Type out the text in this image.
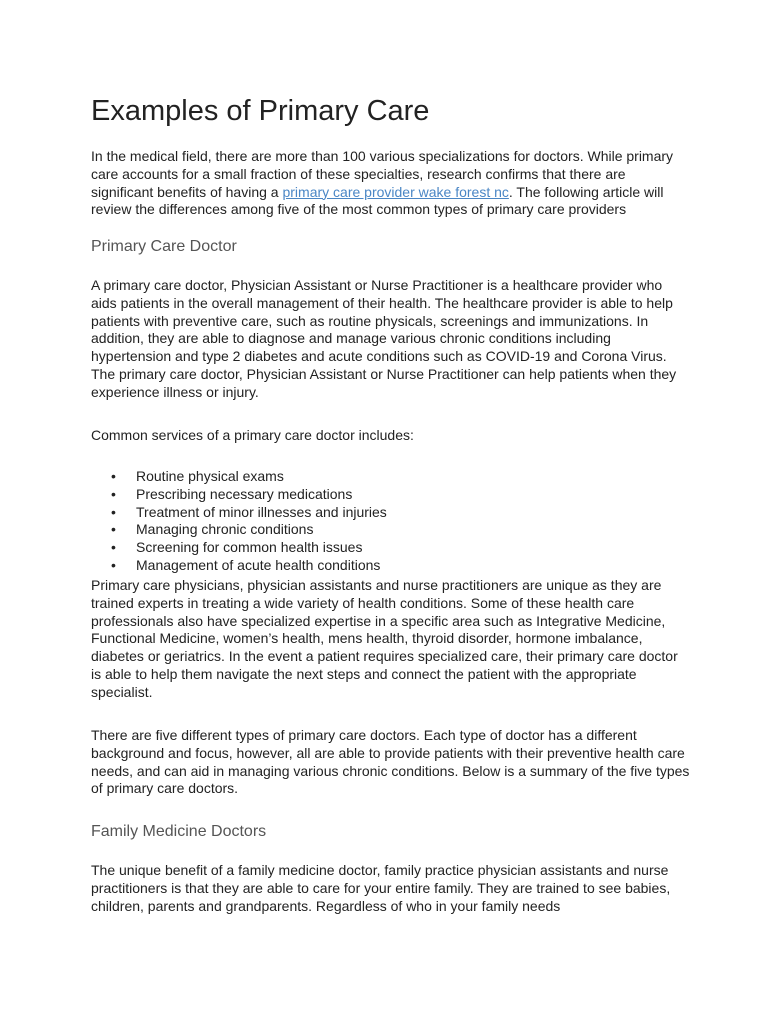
Examples of Primary Care

In the medical field, there are more than 100 various specializations for doctors. While primary care accounts for a small fraction of these specialties, research confirms that there are significant benefits of having a primary care provider wake forest nc. The following article will review the differences among five of the most common types of primary care providers

Primary Care Doctor

A primary care doctor, Physician Assistant or Nurse Practitioner is a healthcare provider who aids patients in the overall management of their health. The healthcare provider is able to help patients with preventive care, such as routine physicals, screenings and immunizations. In addition, they are able to diagnose and manage various chronic conditions including hypertension and type 2 diabetes and acute conditions such as COVID-19 and Corona Virus. The primary care doctor, Physician Assistant or Nurse Practitioner can help patients when they experience illness or injury.

Common services of a primary care doctor includes:

• Routine physical exams
• Prescribing necessary medications
• Treatment of minor illnesses and injuries
• Managing chronic conditions
• Screening for common health issues
• Management of acute health conditions

Primary care physicians, physician assistants and nurse practitioners are unique as they are trained experts in treating a wide variety of health conditions. Some of these health care professionals also have specialized expertise in a specific area such as Integrative Medicine, Functional Medicine, women’s health, mens health, thyroid disorder, hormone imbalance, diabetes or geriatrics. In the event a patient requires specialized care, their primary care doctor is able to help them navigate the next steps and connect the patient with the appropriate specialist.

There are five different types of primary care doctors. Each type of doctor has a different background and focus, however, all are able to provide patients with their preventive health care needs, and can aid in managing various chronic conditions. Below is a summary of the five types of primary care doctors.

Family Medicine Doctors

The unique benefit of a family medicine doctor, family practice physician assistants and nurse practitioners is that they are able to care for your entire family. They are trained to see babies, children, parents and grandparents. Regardless of who in your family needs
